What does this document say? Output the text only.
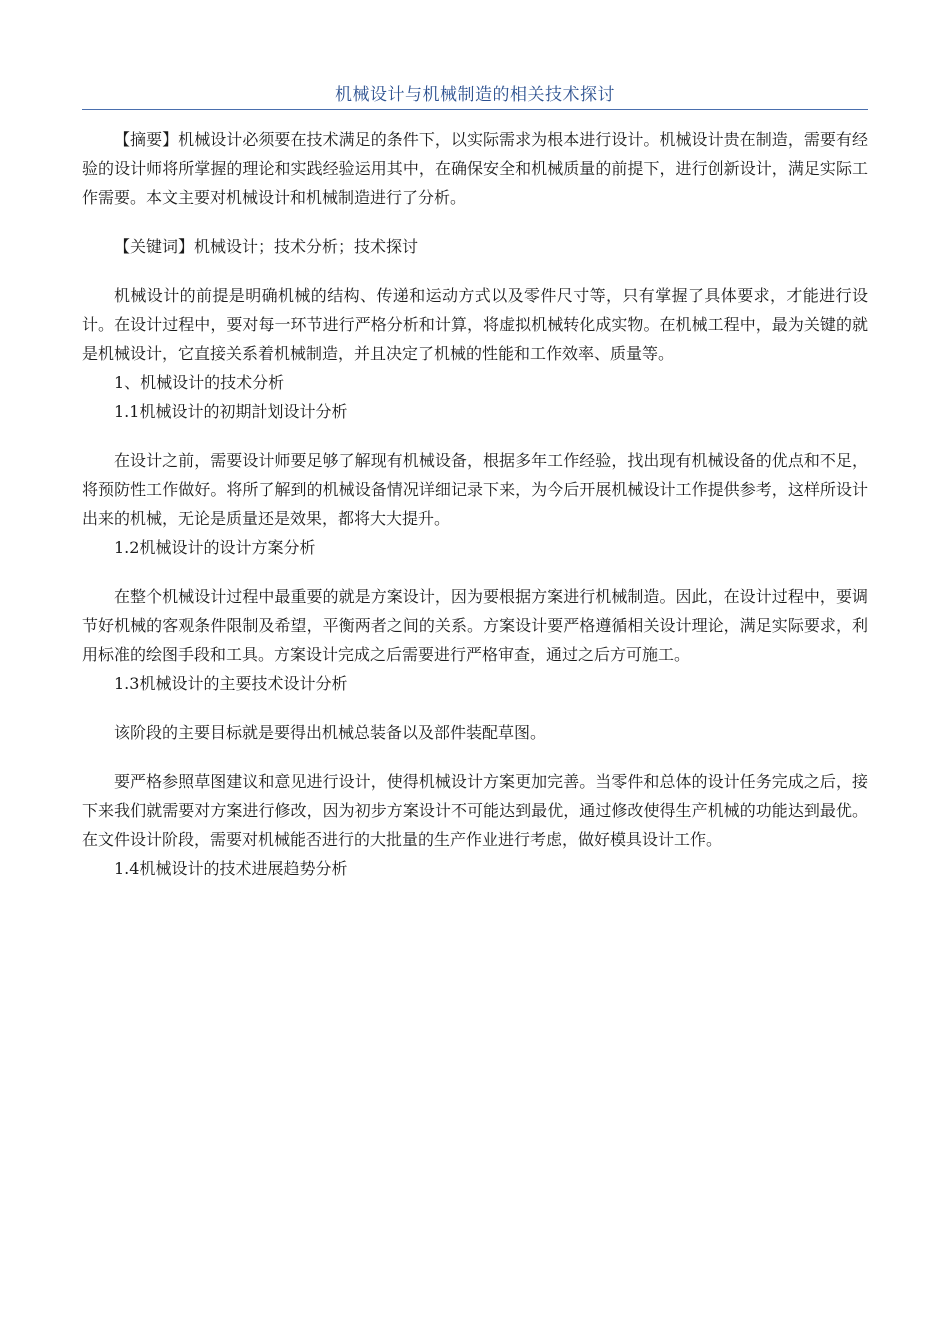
机械设计与机械制造的相关技术探讨

【摘要】机械设计必须要在技术满足的条件下，以实际需求为根本进行设计。机械设计贵在制造，需要有经验的设计师将所掌握的理论和实践经验运用其中，在确保安全和机械质量的前提下，进行创新设计，满足实际工作需要。本文主要对机械设计和机械制造进行了分析。

【关键词】机械设计；技术分析；技术探讨

机械设计的前提是明确机械的结构、传递和运动方式以及零件尺寸等，只有掌握了具体要求，才能进行设计。在设计过程中，要对每一环节进行严格分析和计算，将虚拟机械转化成实物。在机械工程中，最为关键的就是机械设计，它直接关系着机械制造，并且决定了机械的性能和工作效率、质量等。

1、机械设计的技术分析

1.1机械设计的初期計划设计分析

在设计之前，需要设计师要足够了解现有机械设备，根据多年工作经验，找出现有机械设备的优点和不足，将预防性工作做好。将所了解到的机械设备情况详细记录下来，为今后开展机械设计工作提供参考，这样所设计出来的机械，无论是质量还是效果，都将大大提升。

1.2机械设计的设计方案分析

在整个机械设计过程中最重要的就是方案设计，因为要根据方案进行机械制造。因此，在设计过程中，要调节好机械的客观条件限制及希望，平衡两者之间的关系。方案设计要严格遵循相关设计理论，满足实际要求，利用标准的绘图手段和工具。方案设计完成之后需要进行严格审查，通过之后方可施工。

1.3机械设计的主要技术设计分析

该阶段的主要目标就是要得出机械总装备以及部件装配草图。

要严格参照草图建议和意见进行设计，使得机械设计方案更加完善。当零件和总体的设计任务完成之后，接下来我们就需要对方案进行修改，因为初步方案设计不可能达到最优，通过修改使得生产机械的功能达到最优。在文件设计阶段，需要对机械能否进行的大批量的生产作业进行考虑，做好模具设计工作。

1.4机械设计的技术进展趋势分析
